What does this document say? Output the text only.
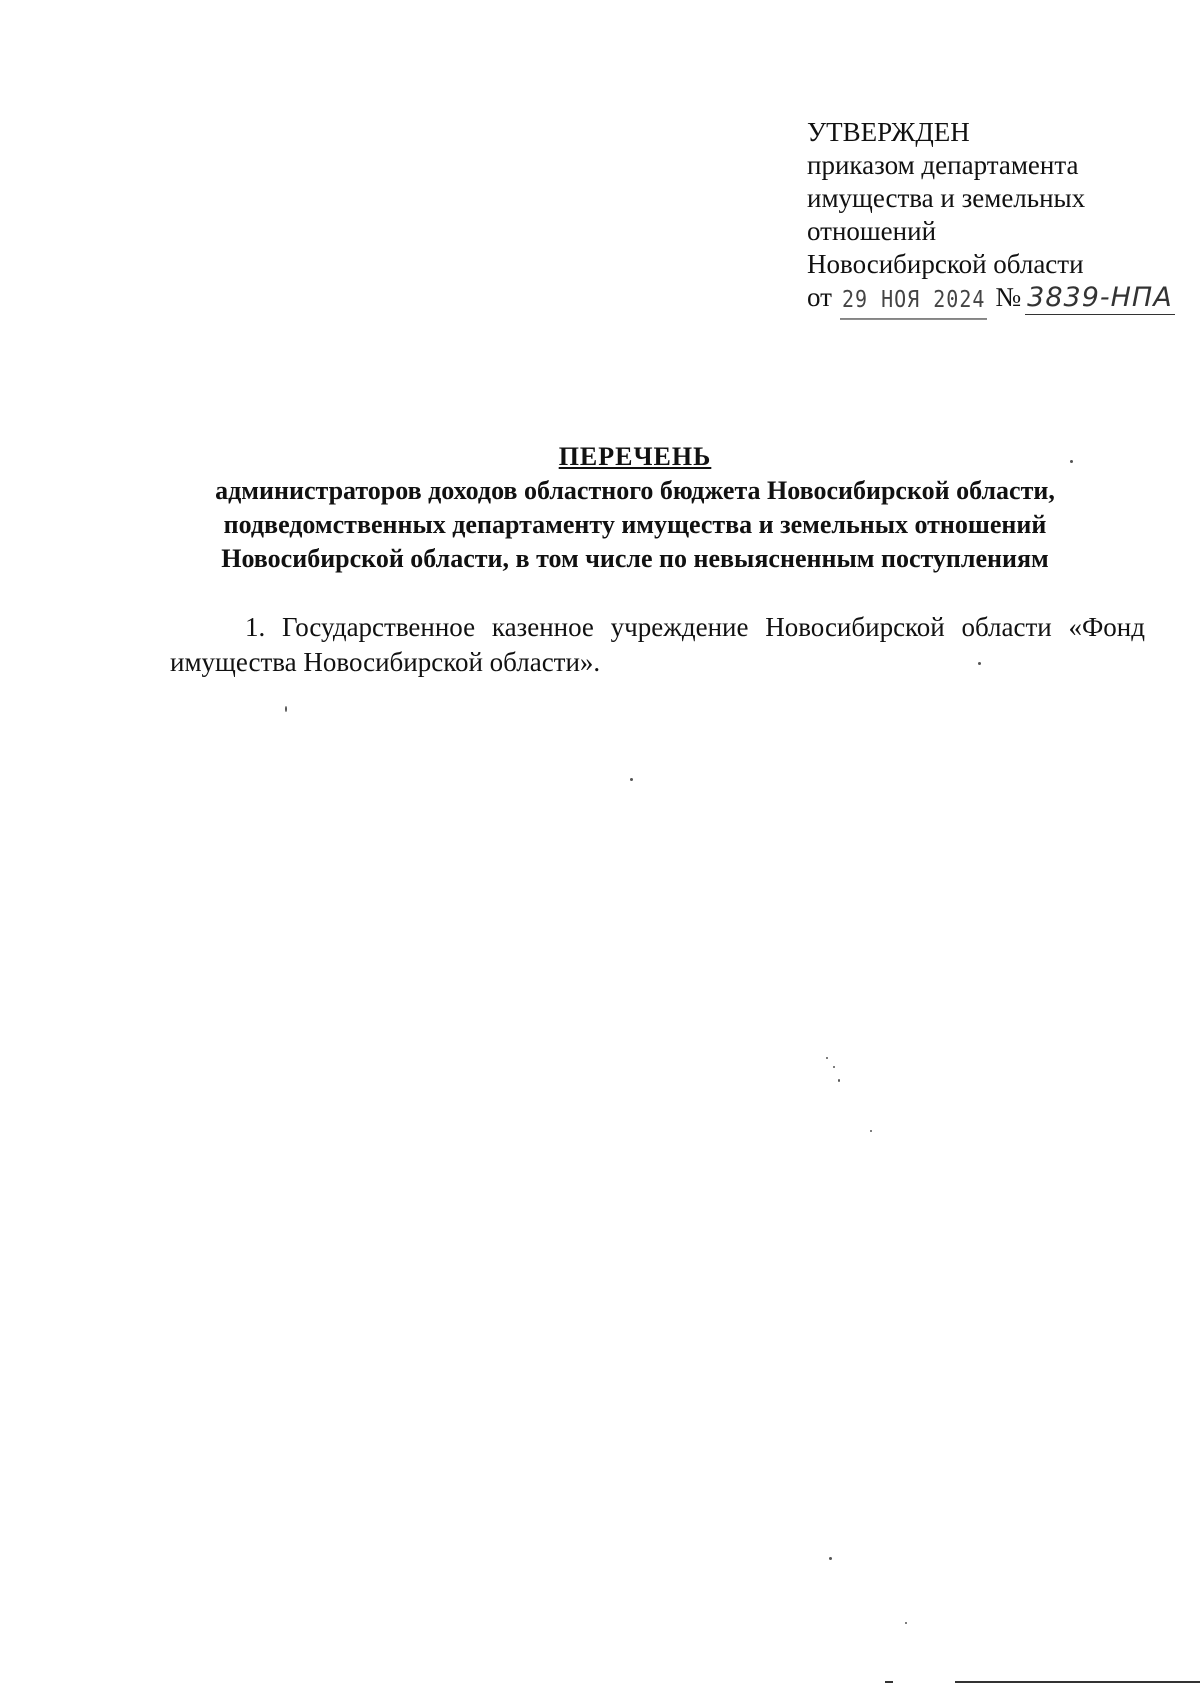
УТВЕРЖДЕН
приказом департамента
имущества и земельных
отношений
Новосибирской области
от 29 НОЯ 2024 № 3839-НПА
ПЕРЕЧЕНЬ
администраторов доходов областного бюджета Новосибирской области,
подведомственных департаменту имущества и земельных отношений
Новосибирской области, в том числе по невыясненным поступлениям
1. Государственное казенное учреждение Новосибирской области «Фонд имущества Новосибирской области».
